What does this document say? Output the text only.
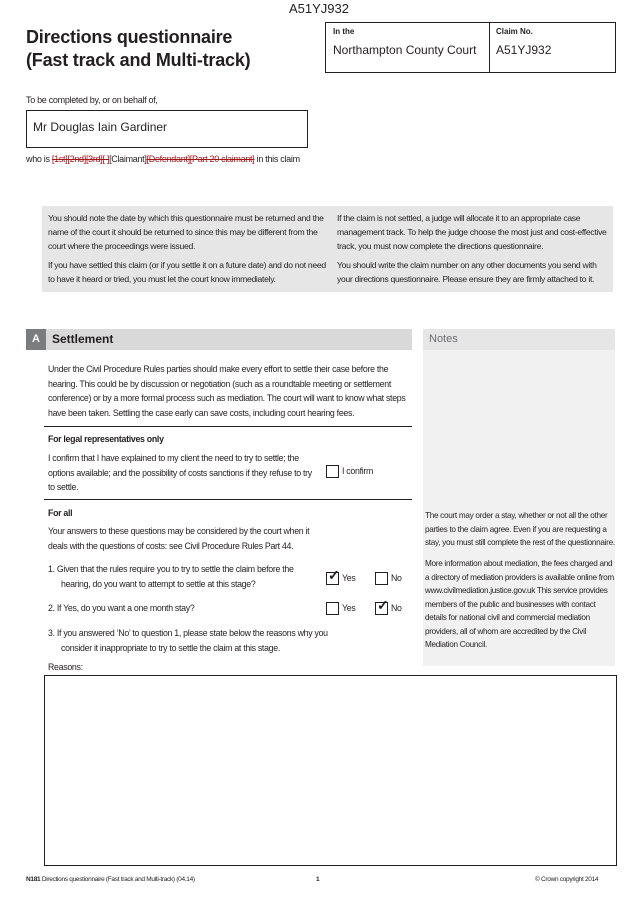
A51YJ932
Directions questionnaire
(Fast track and Multi-track)
In the
Northampton County Court
Claim No.
A51YJ932
To be completed by, or on behalf of,
Mr Douglas Iain Gardiner
who is [1st][2nd][3rd][ ][Claimant][Defendant][Part 20 claimant] in this claim

You should note the date by which this questionnaire must be returned and the name of the court it should be returned to since this may be different from the court where the proceedings were issued.

If you have settled this claim (or if you settle it on a future date) and do not need to have it heard or tried, you must let the court know immediately.

If the claim is not settled, a judge will allocate it to an appropriate case management track. To help the judge choose the most just and cost-effective track, you must now complete the directions questionnaire.

You should write the claim number on any other documents you send with your directions questionnaire. Please ensure they are firmly attached to it.

A	Settlement	Notes
Under the Civil Procedure Rules parties should make every effort to settle their case before the hearing. This could be by discussion or negotiation (such as a roundtable meeting or settlement conference) or by a more formal process such as mediation. The court will want to know what steps have been taken. Settling the case early can save costs, including court hearing fees.
For legal representatives only
I confirm that I have explained to my client the need to try to settle; the options available; and the possibility of costs sanctions if they refuse to try to settle.
I confirm
For all
Your answers to these questions may be considered by the court when it deals with the questions of costs: see Civil Procedure Rules Part 44.
1. Given that the rules require you to try to settle the claim before the hearing, do you want to attempt to settle at this stage?
✓ Yes	No
2. If Yes, do you want a one month stay?	Yes ✓ No
3. If you answered ‘No’ to question 1, please state below the reasons why you consider it inappropriate to try to settle the claim at this stage.
Reasons:
The court may order a stay, whether or not all the other parties to the claim agree. Even if you are requesting a stay, you must still complete the rest of the questionnaire.
More information about mediation, the fees charged and a directory of mediation providers is available online from www.civilmediation.justice.gov.uk This service provides members of the public and businesses with contact details for national civil and commercial mediation providers, all of whom are accredited by the Civil Mediation Council.
N181 Directions questionnaire (Fast track and Multi-track) (04.14)	1	© Crown copyright 2014
